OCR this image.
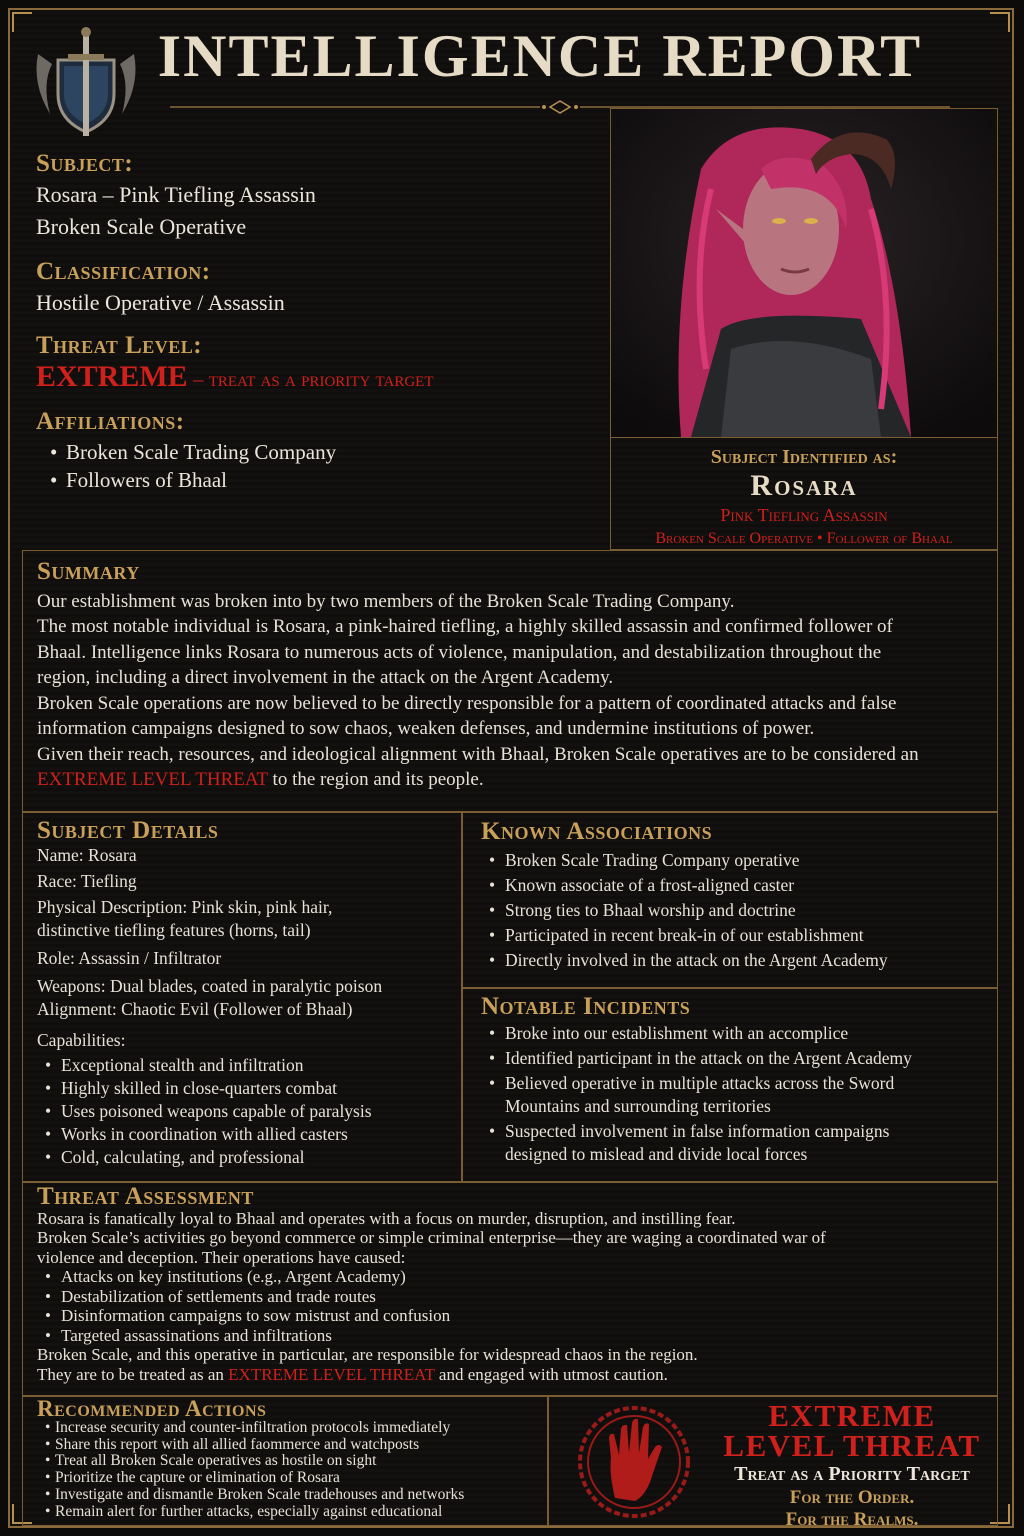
INTELLIGENCE REPORT
Subject:
Rosara – Pink Tiefling Assassin
Broken Scale Operative
Classification:
Hostile Operative / Assassin
Threat Level:
EXTREME – treat as a priority target
Affiliations:
• Broken Scale Trading Company
• Followers of Bhaal
Subject Identified as:
Rosara
Pink Tiefling Assassin
Broken Scale Operative • Follower of Bhaal
Summary

Our establishment was broken into by two members of the Broken Scale Trading Company.

The most notable individual is Rosara, a pink-haired tiefling, a highly skilled assassin and confirmed follower of Bhaal. Intelligence links Rosara to numerous acts of violence, manipulation, and destabilization throughout the region, including a direct involvement in the attack on the Argent Academy.

Broken Scale operations are now believed to be directly responsible for a pattern of coordinated attacks and false information campaigns designed to sow chaos, weaken defenses, and undermine institutions of power.

Given their reach, resources, and ideological alignment with Bhaal, Broken Scale operatives are to be considered an EXTREME LEVEL THREAT to the region and its people.

Subject Details
Name: Rosara
Race: Tiefling
Physical Description: Pink skin, pink hair, distinctive tiefling features (horns, tail)
Role: Assassin / Infiltrator
Weapons: Dual blades, coated in paralytic poison
Alignment: Chaotic Evil (Follower of Bhaal)
Capabilities:
• Exceptional stealth and infiltration
• Highly skilled in close-quarters combat
• Uses poisoned weapons capable of paralysis
• Works in coordination with allied casters
• Cold, calculating, and professional
Known Associations
• Broken Scale Trading Company operative
• Known associate of a frost-aligned caster
• Strong ties to Bhaal worship and doctrine
• Participated in recent break-in of our establishment
• Directly involved in the attack on the Argent Academy
Notable Incidents
• Broke into our establishment with an accomplice
• Identified participant in the attack on the Argent Academy
• Believed operative in multiple attacks across the Sword Mountains and surrounding territories
• Suspected involvement in false information campaigns designed to mislead and divide local forces
Threat Assessment

Rosara is fanatically loyal to Bhaal and operates with a focus on murder, disruption, and instilling fear.

Broken Scale’s activities go beyond commerce or simple criminal enterprise—they are waging a coordinated war of violence and deception. Their operations have caused:

• Attacks on key institutions (e.g., Argent Academy)
• Destabilization of settlements and trade routes
• Disinformation campaigns to sow mistrust and confusion
• Targeted assassinations and infiltrations

Broken Scale, and this operative in particular, are responsible for widespread chaos in the region.

They are to be treated as an EXTREME LEVEL THREAT and engaged with utmost caution.

Recommended Actions
• Increase security and counter-infiltration protocols immediately
• Share this report with all allied faommerce and watchposts
• Treat all Broken Scale operatives as hostile on sight
• Prioritize the capture or elimination of Rosara
• Investigate and dismantle Broken Scale tradehouses and networks
• Remain alert for further attacks, especially against educational
EXTREME
LEVEL THREAT
Treat as a Priority Target
For the Order.
For the Realms.
